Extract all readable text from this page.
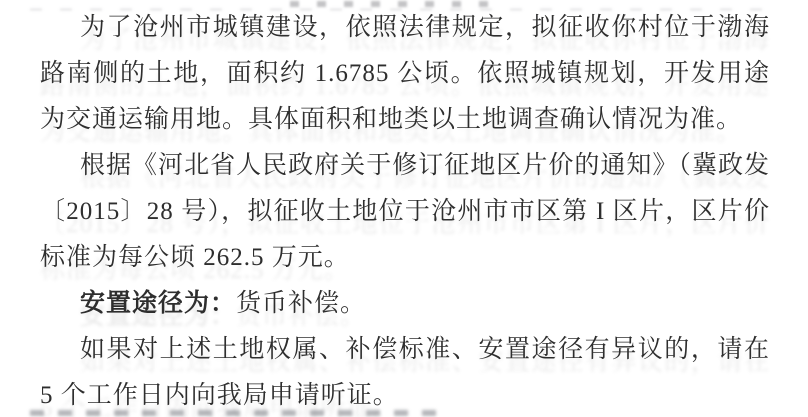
为了沧州市城镇建设，依照法律规定，拟征收你村位于渤海路南侧的土地，面积约 1.6785 公顷。依照城镇规划，开发用途为交通运输用地。具体面积和地类以土地调查确认情况为准。

根据《河北省人民政府关于修订征地区片价的通知》（冀政发〔2015〕28 号），拟征收土地位于沧州市市区第 I 区片，区片价标准为每公顷 262.5 万元。

安置途径为：货币补偿。

如果对上述土地权属、补偿标准、安置途径有异议的，请在 5 个工作日内向我局申请听证。
